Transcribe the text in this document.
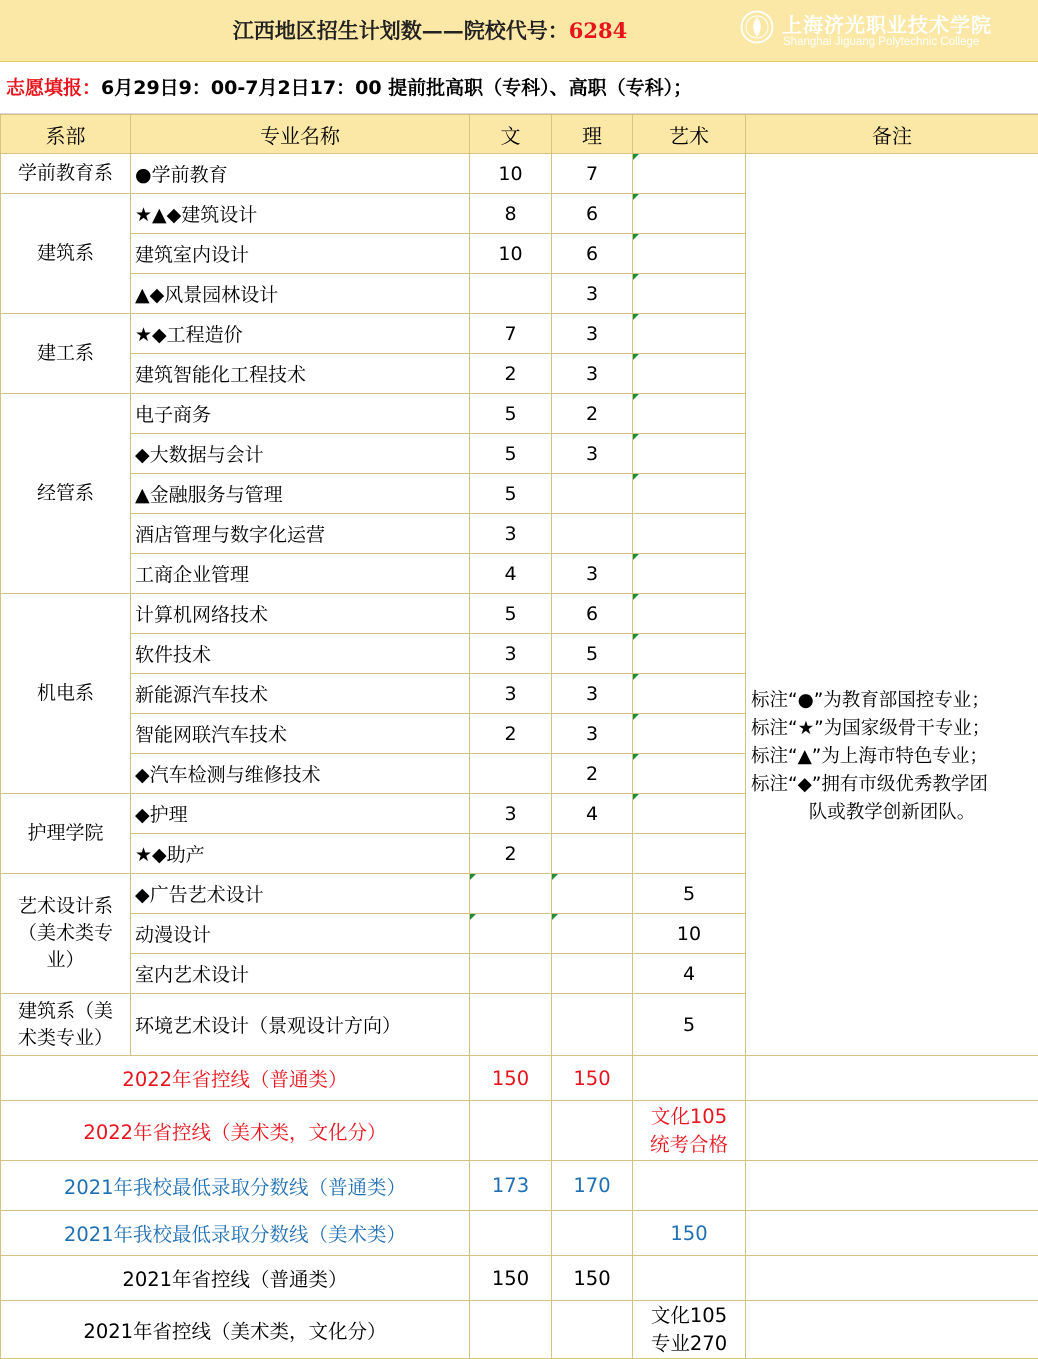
江西地区招生计划数——院校代号：6284	上海济光职业技术学院
Shanghai Jiguang Polytechnic College
志愿填报：6月29日9：00-7月2日17：00 提前批高职（专科）、高职（专科）；
系部	专业名称	文	理	艺术	备注
学前教育系	●学前教育	10	7		标注“●”为教育部国控专业；
标注“★”为国家级骨干专业；
标注“▲”为上海市特色专业；
标注“◆”拥有市级优秀教学团
队或教学创新团队。

建筑系	★▲◆建筑设计	8	6		
	建筑室内设计	10	6		
	▲◆风景园林设计		3		
建工系	★◆工程造价	7	3		
	建筑智能化工程技术	2	3		
经管系	电子商务	5	2		
	◆大数据与会计	5	3		
	▲金融服务与管理	5			
	酒店管理与数字化运营	3			
	工商企业管理	4	3		
机电系	计算机网络技术	5	6		
	软件技术	3	5		
	新能源汽车技术	3	3		
	智能网联汽车技术	2	3		
	◆汽车检测与维修技术		2		
护理学院	◆护理	3	4		
	★◆助产	2			

艺术设计系
（美术类专
业）	◆广告艺术设计			5	
	动漫设计			10	
	室内艺术设计			4	

建筑系（美
术类专业）	环境艺术设计（景观设计方向）			5	
2022年省控线（普通类）		150	150		
2022年省控线（美术类，文化分）				文化105
统考合格	

2021年我校最低录取分数线（普通类）		173	170		
2021年我校最低录取分数线（美术类）				150	
2021年省控线（普通类）		150	150		
2021年省控线（美术类，文化分）				文化105
专业270	
